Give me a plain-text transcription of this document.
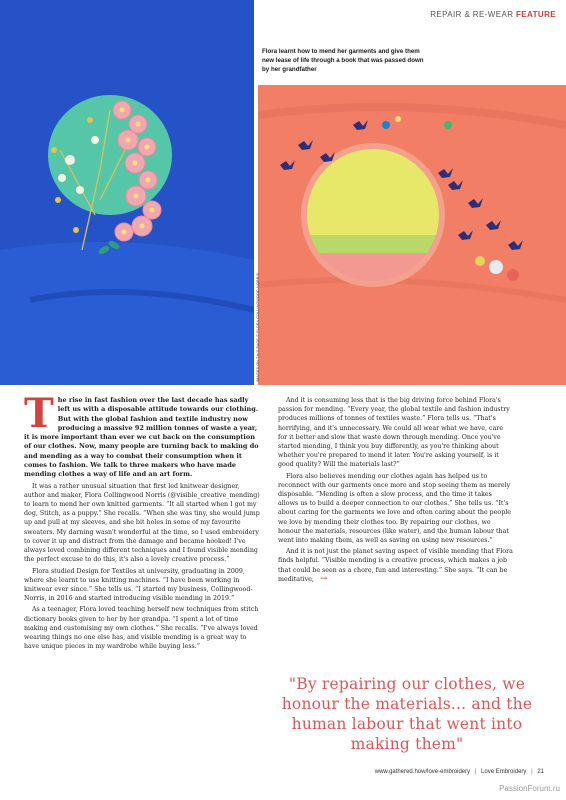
REPAIR & RE-WEAR FEATURE
Flora learnt how to mend her garments and give them new lease of life through a book that was passed down by her grandfather
IMAGES ON THIS PAGE © FLORA COLLINGWOOD-NORRIS

The rise in fast fashion over the last decade has sadly left us with a disposable attitude towards our clothing. But with the global fashion and textile industry now producing a massive 92 million tonnes of waste a year, it is more important than ever we cut back on the consumption of our clothes. Now, many people are turning back to making do and mending as a way to combat their consumption when it comes to fashion. We talk to three makers who have made mending clothes a way of life and an art form.

It was a rather unusual situation that first led knitwear designer, author and maker, Flora Collingwood Norris (@visible_creative_mending) to learn to mend her own knitted garments. “It all started when I got my dog, Stitch, as a puppy.” She recalls. “When she was tiny, she would jump up and pull at my sleeves, and she bit holes in some of my favourite sweaters. My darning wasn't wonderful at the time, so I used embroidery to cover it up and distract from the damage and became hooked! I've always loved combining different techniques and I found visible mending the perfect excuse to do this, it's also a lovely creative process.”

Flora studied Design for Textiles at university, graduating in 2009, where she learnt to use knitting machines. “I have been working in knitwear ever since.” She tells us. “I started my business, Collingwood-Norris, in 2016 and started introducing visible mending in 2019.”

As a teenager, Flora loved teaching herself new techniques from stitch dictionary books given to her by her grandpa. “I spent a lot of time making and customising my own clothes.” She recalls. “I've always loved wearing things no one else has, and visible mending is a great way to have unique pieces in my wardrobe while buying less.”

And it is consuming less that is the big driving force behind Flora's passion for mending. “Every year, the global textile and fashion industry produces millions of tonnes of textiles waste.” Flora tells us. “That's horrifying, and it's unnecessary. We could all wear what we have, care for it better and slow that waste down through mending. Once you've started mending, I think you buy differently, as you're thinking about whether you're prepared to mend it later. You're asking yourself, is it good quality? Will the materials last?”

Flora also believes mending our clothes again has helped us to reconnect with our garments once more and stop seeing them as merely disposable. “Mending is often a slow process, and the time it takes allows us to build a deeper connection to our clothes.” She tells us. “It's about caring for the garments we love and often caring about the people we love by mending their clothes too. By repairing our clothes, we honour the materials, resources (like water), and the human labour that went into making them, as well as saving on using new resources.”

And it is not just the planet saving aspect of visible mending that Flora finds helpful. “Visible mending is a creative process, which makes a job that could be seen as a chore, fun and interesting.” She says. “It can be meditative, →

"By repairing our clothes, we honour the materials... and the human labour that went into making them"
www.gathered.how/love-embroidery | Love Embroidery | 21
PassionForum.ru
